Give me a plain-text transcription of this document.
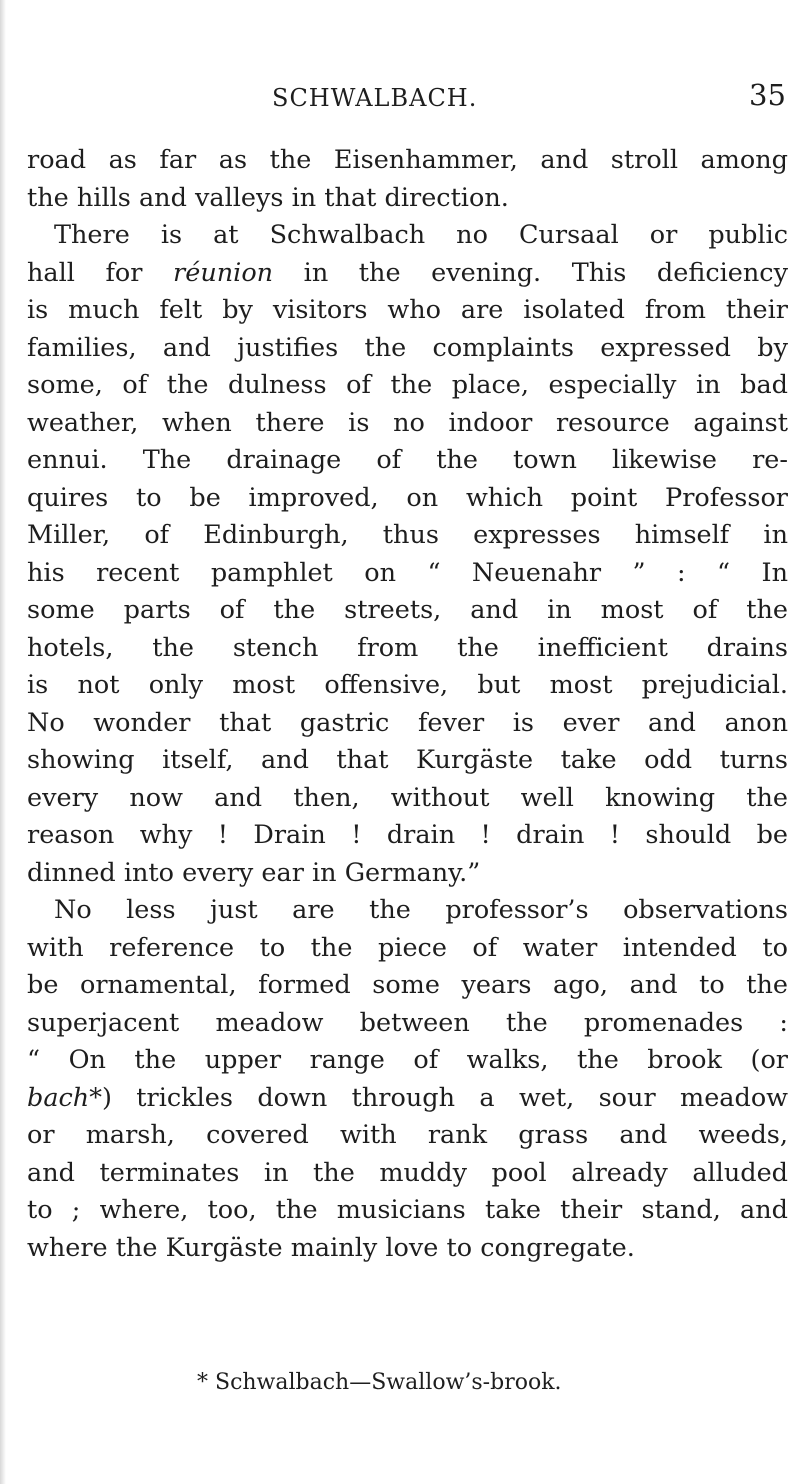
SCHWALBACH.	35
road as far as the Eisenhammer, and stroll among
the hills and valleys in that direction.
There is at Schwalbach no Cursaal or public
hall for réunion in the evening. This deficiency
is much felt by visitors who are isolated from their
families, and justifies the complaints expressed by
some, of the dulness of the place, especially in bad
weather, when there is no indoor resource against
ennui. The drainage of the town likewise re-
quires to be improved, on which point Professor
Miller, of Edinburgh, thus expresses himself in
his recent pamphlet on “ Neuenahr ” : “ In
some parts of the streets, and in most of the
hotels, the stench from the inefficient drains
is not only most offensive, but most prejudicial.
No wonder that gastric fever is ever and anon
showing itself, and that Kurgäste take odd turns
every now and then, without well knowing the
reason why ! Drain ! drain ! drain ! should be
dinned into every ear in Germany.”
No less just are the professor’s observations
with reference to the piece of water intended to
be ornamental, formed some years ago, and to the
superjacent meadow between the promenades :
“ On the upper range of walks, the brook (or
bach*) trickles down through a wet, sour meadow
or marsh, covered with rank grass and weeds,
and terminates in the muddy pool already alluded
to ; where, too, the musicians take their stand, and
where the Kurgäste mainly love to congregate.
* Schwalbach—Swallow’s-brook.
